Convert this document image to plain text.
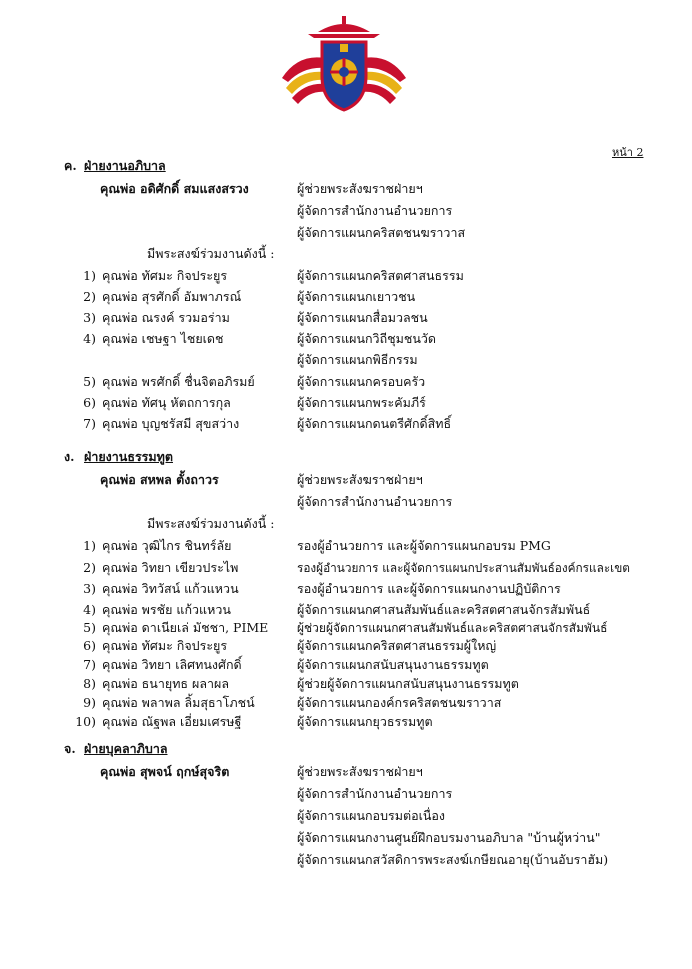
หน้า 2
ค. ฝ่ายงานอภิบาล
คุณพ่อ อดิศักดิ์ สมแสงสรวง	ผู้ช่วยพระสังฆราชฝ่ายฯ
ผู้จัดการสำนักงานอำนวยการ
ผู้จัดการแผนกคริสตชนฆราวาส
มีพระสงฆ์ร่วมงานดังนี้ :
1) คุณพ่อ ทัศมะ กิจประยูร	ผู้จัดการแผนกคริสตศาสนธรรม
2) คุณพ่อ สุรศักดิ์ อัมพาภรณ์	ผู้จัดการแผนกเยาวชน
3) คุณพ่อ ณรงค์ รวมอร่าม	ผู้จัดการแผนกสื่อมวลชน
4) คุณพ่อ เชษฐา ไชยเดช	ผู้จัดการแผนกวิถีชุมชนวัด
ผู้จัดการแผนกพิธีกรรม
5) คุณพ่อ พรศักดิ์ ชื่นจิตอภิรมย์	ผู้จัดการแผนกครอบครัว
6) คุณพ่อ ทัศนุ หัตถการกุล	ผู้จัดการแผนกพระคัมภีร์
7) คุณพ่อ บุญชรัสมี สุขสว่าง	ผู้จัดการแผนกดนตรีศักดิ์สิทธิ์
ง. ฝ่ายงานธรรมทูต
คุณพ่อ สหพล ตั้งถาวร	ผู้ช่วยพระสังฆราชฝ่ายฯ
ผู้จัดการสำนักงานอำนวยการ
มีพระสงฆ์ร่วมงานดังนี้ :
1) คุณพ่อ วุฒิไกร ชินทร์ลัย	รองผู้อำนวยการ และผู้จัดการแผนกอบรม PMG
2) คุณพ่อ วิทยา เขียวประไพ	รองผู้อำนวยการ และผู้จัดการแผนกประสานสัมพันธ์องค์กรและเขต
3) คุณพ่อ วิทวัสน์ แก้วแหวน	รองผู้อำนวยการ และผู้จัดการแผนกงานปฏิบัติการ
4) คุณพ่อ พรชัย แก้วแหวน	ผู้จัดการแผนกศาสนสัมพันธ์และคริสตศาสนจักรสัมพันธ์
5) คุณพ่อ ดาเนียเล่ มัชชา, PIME ผู้ช่วยผู้จัดการแผนกศาสนสัมพันธ์และคริสตศาสนจักรสัมพันธ์
6) คุณพ่อ ทัศมะ กิจประยูร	ผู้จัดการแผนกคริสตศาสนธรรมผู้ใหญ่
7) คุณพ่อ วิทยา เลิศทนงศักดิ์	ผู้จัดการแผนกสนับสนุนงานธรรมทูต
8) คุณพ่อ ธนายุทธ ผลาผล	ผู้ช่วยผู้จัดการแผนกสนับสนุนงานธรรมทูต
9) คุณพ่อ พลาพล ลิ้มสุธาโภชน์	ผู้จัดการแผนกองค์กรคริสตชนฆราวาส
10) คุณพ่อ ณัฐพล เอี่ยมเศรษฐี	ผู้จัดการแผนกยุวธรรมทูต
จ. ฝ่ายบุคลาภิบาล
คุณพ่อ สุพจน์ ฤกษ์สุจริต	ผู้ช่วยพระสังฆราชฝ่ายฯ
ผู้จัดการสำนักงานอำนวยการ
ผู้จัดการแผนกอบรมต่อเนื่อง
ผู้จัดการแผนกงานศูนย์ฝึกอบรมงานอภิบาล "บ้านผู้หว่าน"
ผู้จัดการแผนกสวัสดิการพระสงฆ์เกษียณอายุ(บ้านอับราฮัม)
